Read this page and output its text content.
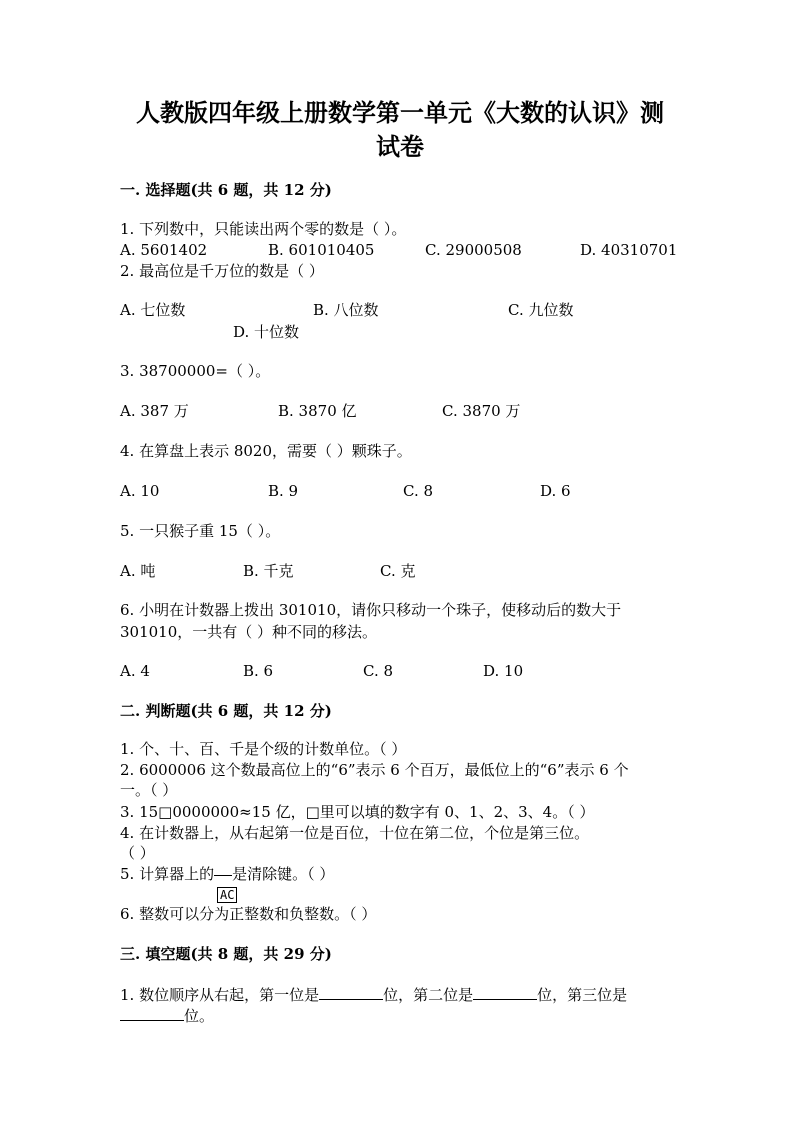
人教版四年级上册数学第一单元《大数的认识》测
试卷
一. 选择题(共 6 题，共 12 分)
1. 下列数中，只能读出两个零的数是（ ）。
A. 5601402	B. 601010405	C. 29000508	D. 40310701
2. 最高位是千万位的数是（ ）
A. 七位数	B. 八位数	C. 九位数
D. 十位数
3. 38700000=（ ）。
A. 387 万	B. 3870 亿	C. 3870 万
4. 在算盘上表示 8020，需要（ ）颗珠子。
A. 10	B. 9	C. 8	D. 6
5. 一只猴子重 15（ ）。
A. 吨	B. 千克	C. 克
6. 小明在计数器上拨出 301010，请你只移动一个珠子，使移动后的数大于
301010，一共有（ ）种不同的移法。
A. 4	B. 6	C. 8	D. 10
二. 判断题(共 6 题，共 12 分)
1. 个、十、百、千是个级的计数单位。（ ）
2. 6000006 这个数最高位上的“6”表示 6 个百万，最低位上的“6”表示 6 个
一。（ ）
3. 15□0000000≈15 亿，□里可以填的数字有 0、1、2、3、4。（ ）
4. 在计数器上，从右起第一位是百位，十位在第二位，个位是第三位。
（ ）
5. 计算器上的 是清除键。（ ）
AC
6. 整数可以分为正整数和负整数。（ ）
三. 填空题(共 8 题，共 29 分)
1. 数位顺序从右起，第一位是	位，第二位是	位，第三位是
位。
